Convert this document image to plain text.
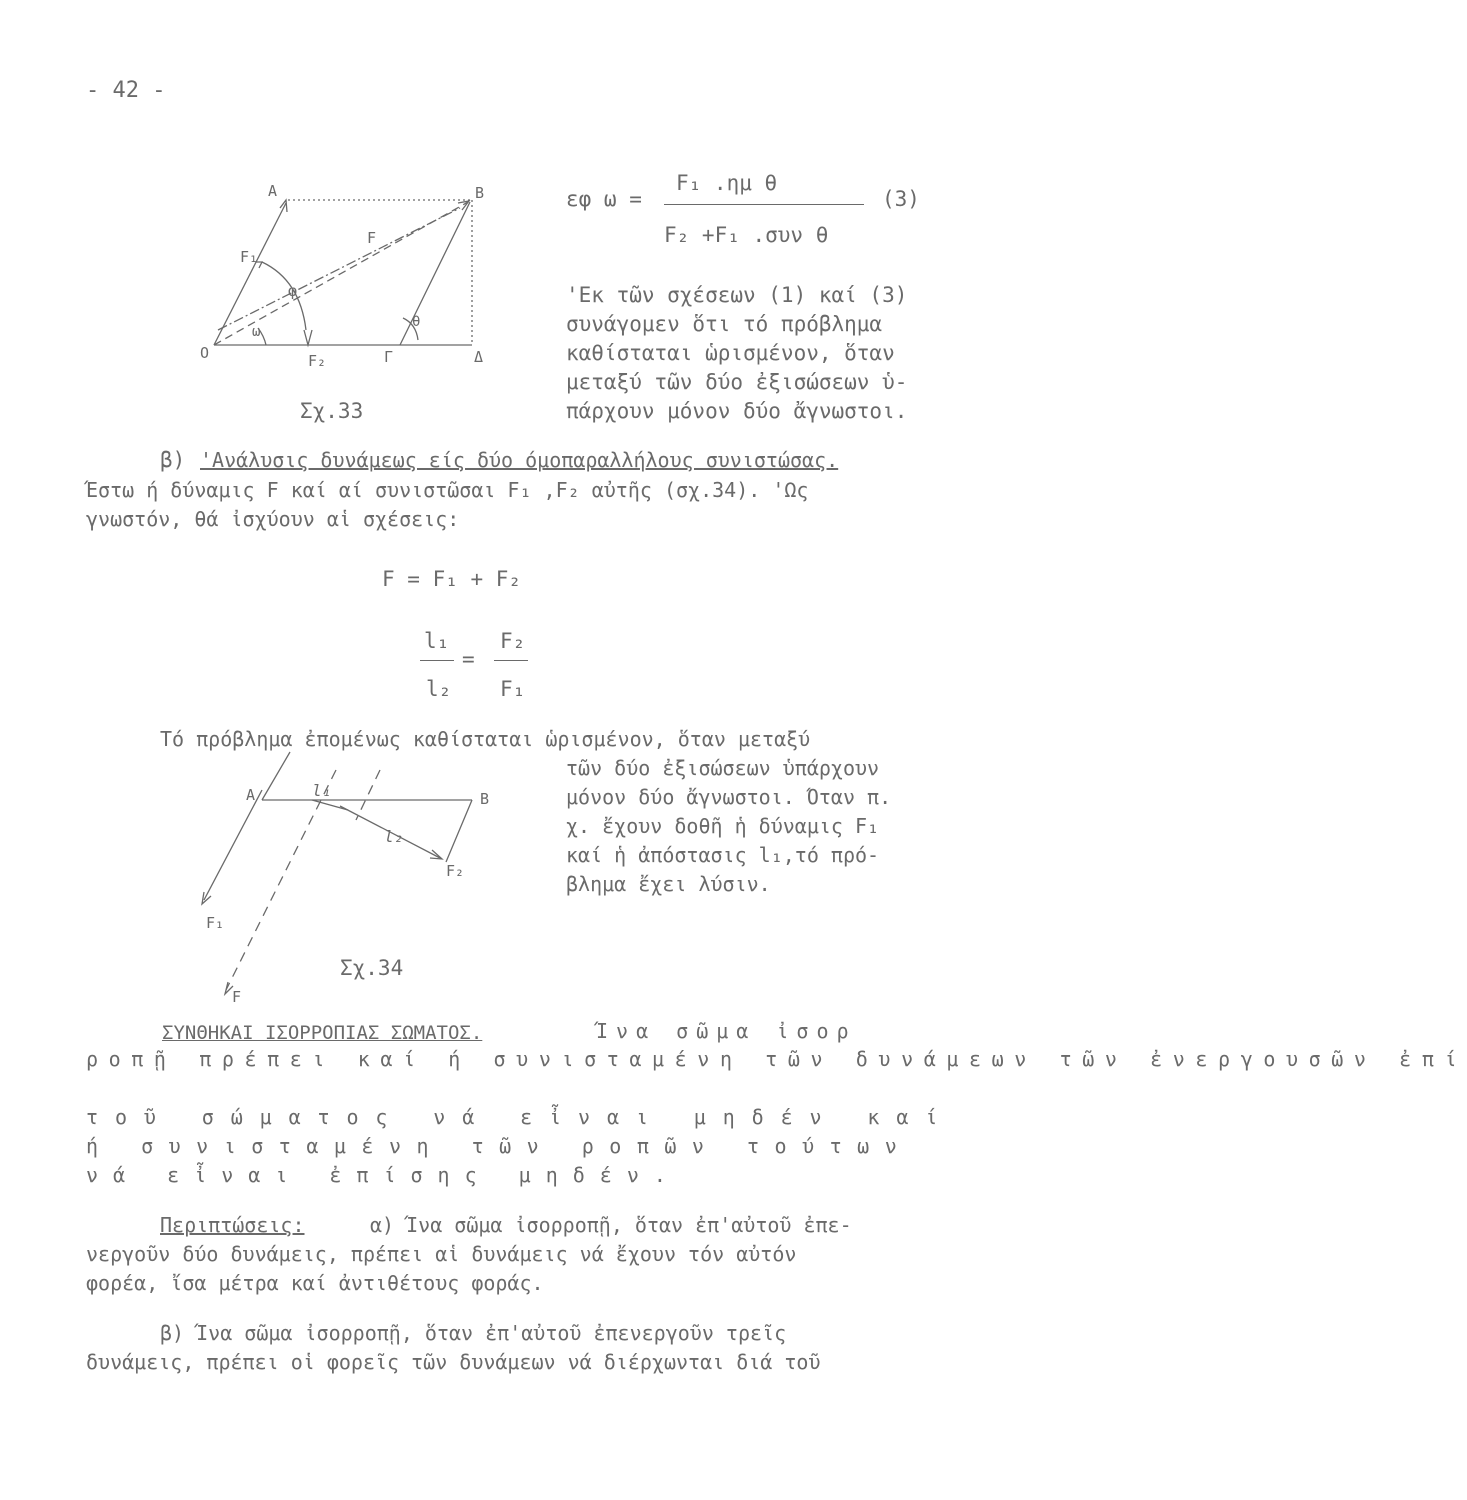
- 42 -
εφ ω =
F₁ .ημ θ
F₂ +F₁ .συν θ
(3)
A	B
F
F₁
φ
ω
θ
O	F₂	Γ	Δ
Σχ.33
'Εκ τῶν σχέσεων (1) καί (3)
συνάγομεν ὅτι τό πρόβλημα
καθίσταται ὡρισμένον, ὅταν
μεταξύ τῶν δύο ἐξισώσεων ὑ-
πάρχουν μόνον δύο ἄγνωστοι.
β) 'Ανάλυσις δυνάμεως είς δύο όμοπαραλλήλους συνιστώσας.
Έστω ή δύναμις F καί αί συνιστῶσαι F₁ ,F₂ αὐτῆς (σχ.34). 'Ως
γνωστόν, θά ἰσχύουν αἱ σχέσεις:
F = F₁ + F₂
l₁
l₂
=
F₂
F₁
Τό πρόβλημα ἐπομένως καθίσταται ὡρισμένον, ὅταν μεταξύ
τῶν δύο ἐξισώσεων ὑπάρχουν
μόνον δύο ἄγνωστοι. Όταν π.
χ. ἔχουν δοθῆ ἡ δύναμις F₁
καί ἡ ἀπόστασις l₁,τό πρό-
βλημα ἔχει λύσιν.
A	B
l₁
l₂
F₁
F₂
F
Σχ.34
ΣΥΝΘΗΚΑΙ ΙΣΟΡΡΟΠΙΑΣ ΣΩΜΑΤΟΣ.	Ίνα σῶμα ἰσορ
ροπῇ πρέπει καί ή συνισταμένη τῶν δυνάμεων τῶν ἐνεργουσῶν ἐπί
τοῦ σώματος νά εἶναι μηδέν καί
ή συνισταμένη τῶν ροπῶν τούτων
νά εἶναι ἐπίσης μηδέν.
Περιπτώσεις:	α) Ίνα σῶμα ἰσορροπῇ, ὅταν ἐπ'αὐτοῦ ἐπε-
νεργοῦν δύο δυνάμεις, πρέπει αἱ δυνάμεις νά ἔχουν τόν αὐτόν
φορέα, ἴσα μέτρα καί ἀντιθέτους φοράς.
β) Ίνα σῶμα ἰσορροπῇ, ὅταν ἐπ'αὐτοῦ ἐπενεργοῦν τρεῖς
δυνάμεις, πρέπει οἱ φορεῖς τῶν δυνάμεων νά διέρχωνται διά τοῦ
